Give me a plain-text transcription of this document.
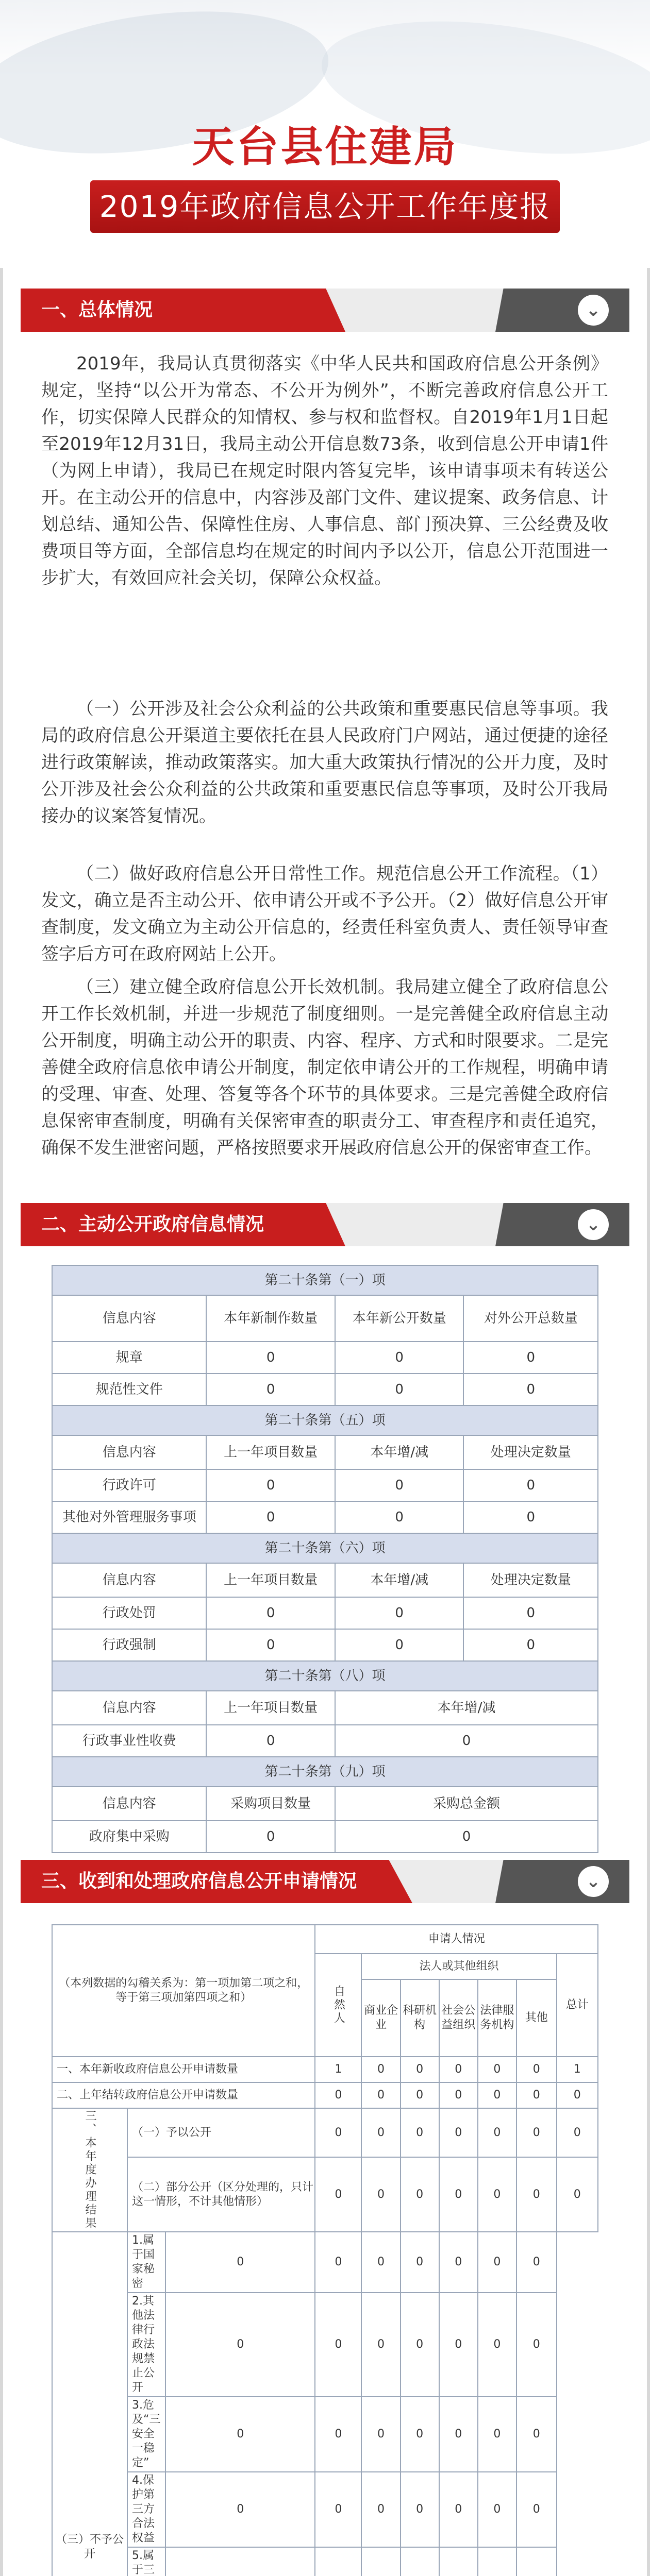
天台县住建局
2019年政府信息公开工作年度报告
一、总体情况	⌄
2019年，我局认真贯彻落实《中华人民共和国政府信息公开条例》规定，坚持“以公开为常态、不公开为例外”，不断完善政府信息公开工作，切实保障人民群众的知情权、参与权和监督权。自2019年1月1日起至2019年12月31日，我局主动公开信息数73条，收到信息公开申请1件（为网上申请），我局已在规定时限内答复完毕，该申请事项未有转送公开。在主动公开的信息中，内容涉及部门文件、建议提案、政务信息、计划总结、通知公告、保障性住房、人事信息、部门预决算、三公经费及收费项目等方面，全部信息均在规定的时间内予以公开，信息公开范围进一步扩大，有效回应社会关切，保障公众权益。
（一）公开涉及社会公众利益的公共政策和重要惠民信息等事项。我局的政府信息公开渠道主要依托在县人民政府门户网站，通过便捷的途径进行政策解读，推动政策落实。加大重大政策执行情况的公开力度，及时公开涉及社会公众利益的公共政策和重要惠民信息等事项，及时公开我局接办的议案答复情况。
（二）做好政府信息公开日常性工作。规范信息公开工作流程。（1）发文，确立是否主动公开、依申请公开或不予公开。（2）做好信息公开审查制度，发文确立为主动公开信息的，经责任科室负责人、责任领导审查签字后方可在政府网站上公开。
（三）建立健全政府信息公开长效机制。我局建立健全了政府信息公开工作长效机制，并进一步规范了制度细则。一是完善健全政府信息主动公开制度，明确主动公开的职责、内容、程序、方式和时限要求。二是完善健全政府信息依申请公开制度，制定依申请公开的工作规程，明确申请的受理、审查、处理、答复等各个环节的具体要求。三是完善健全政府信息保密审查制度，明确有关保密审查的职责分工、审查程序和责任追究，确保不发生泄密问题，严格按照要求开展政府信息公开的保密审查工作。
二、主动公开政府信息情况	⌄
第二十条第（一）项			
信息内容	本年新制作数量	本年新公开数量	对外公开总数量
规章	0	0	0
规范性文件	0	0	0
第二十条第（五）项			
信息内容	上一年项目数量	本年增/减	处理决定数量
行政许可	0	0	0
其他对外管理服务事项	0	0	0
第二十条第（六）项			
信息内容	上一年项目数量	本年增/减	处理决定数量
行政处罚	0	0	0
行政强制	0	0	0
第二十条第（八）项			
信息内容	上一年项目数量	本年增/减	
行政事业性收费	0	0	
第二十条第（九）项			
信息内容	采购项目数量	采购总金额	
政府集中采购	0	0	
三、收到和处理政府信息公开申请情况	⌄
（本列数据的勾稽关系为：第一项加第二项之和，等于第三项加第四项之和）			申请人情况						
			自然人	法人或其他组织					总计
				商业企业	科研机构	社会公益组织	法律服务机构	其他	
一、本年新收政府信息公开申请数量			1	0	0	0	0	0	1
二、上年结转政府信息公开申请数量			0	0	0	0	0	0	0
三、本年度办理结果	（一）予以公开		0	0	0	0	0	0	0
	（二）部分公开（区分处理的，只计这一情形，不计其他情形）		0	0	0	0	0	0	0
（三）不予公开	1.属于国家秘密	0	0	0	0	0	0	0	
	2.其他法律行政法规禁止公开	0	0	0	0	0	0	0	
	3.危及“三安全一稳定”	0	0	0	0	0	0	0	
	4.保护第三方合法权益	0	0	0	0	0	0	0	
	5.属于三							
